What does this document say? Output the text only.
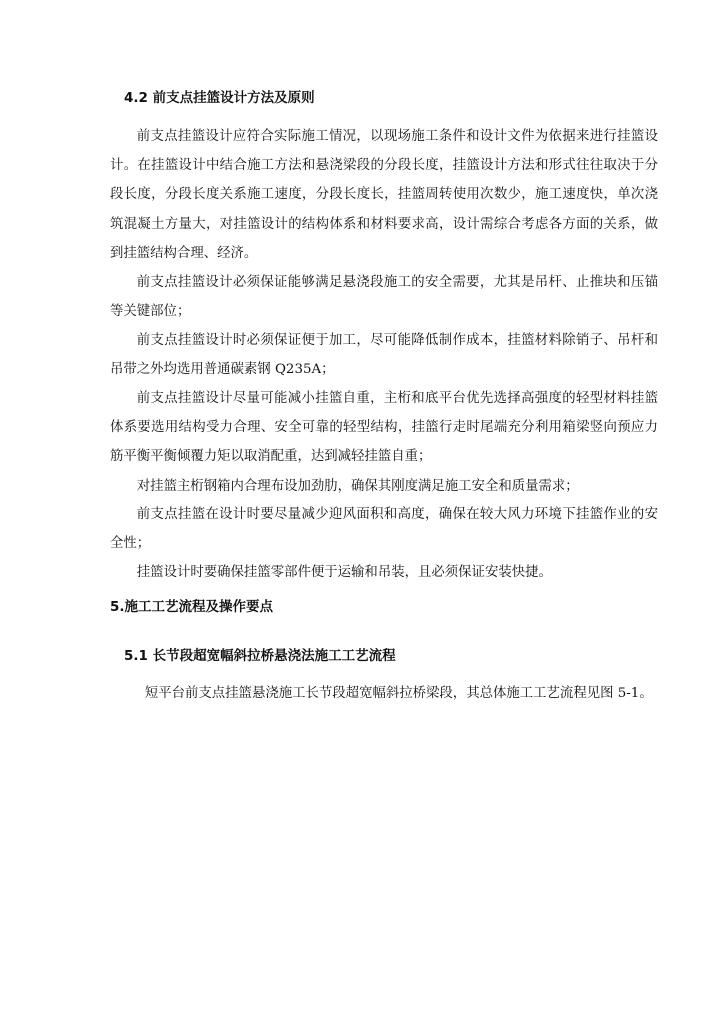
4.2 前支点挂篮设计方法及原则

前支点挂篮设计应符合实际施工情况，以现场施工条件和设计文件为依据来进行挂篮设计。在挂篮设计中结合施工方法和悬浇梁段的分段长度，挂篮设计方法和形式往往取决于分段长度，分段长度关系施工速度，分段长度长，挂篮周转使用次数少，施工速度快，单次浇筑混凝土方量大，对挂篮设计的结构体系和材料要求高，设计需综合考虑各方面的关系，做到挂篮结构合理、经济。

前支点挂篮设计必须保证能够满足悬浇段施工的安全需要，尤其是吊杆、止推块和压锚等关键部位；

前支点挂篮设计时必须保证便于加工，尽可能降低制作成本，挂篮材料除销子、吊杆和吊带之外均选用普通碳素钢 Q235A；

前支点挂篮设计尽量可能减小挂篮自重，主桁和底平台优先选择高强度的轻型材料挂篮体系要选用结构受力合理、安全可靠的轻型结构，挂篮行走时尾端充分利用箱梁竖向预应力筋平衡平衡倾覆力矩以取消配重，达到减轻挂篮自重；

对挂篮主桁钢箱内合理布设加劲肋，确保其刚度满足施工安全和质量需求；

前支点挂篮在设计时要尽量减少迎风面积和高度，确保在较大风力环境下挂篮作业的安全性；

挂篮设计时要确保挂篮零部件便于运输和吊装，且必须保证安装快捷。

5.施工工艺流程及操作要点
5.1 长节段超宽幅斜拉桥悬浇法施工工艺流程

短平台前支点挂篮悬浇施工长节段超宽幅斜拉桥梁段，其总体施工工艺流程见图 5-1。
